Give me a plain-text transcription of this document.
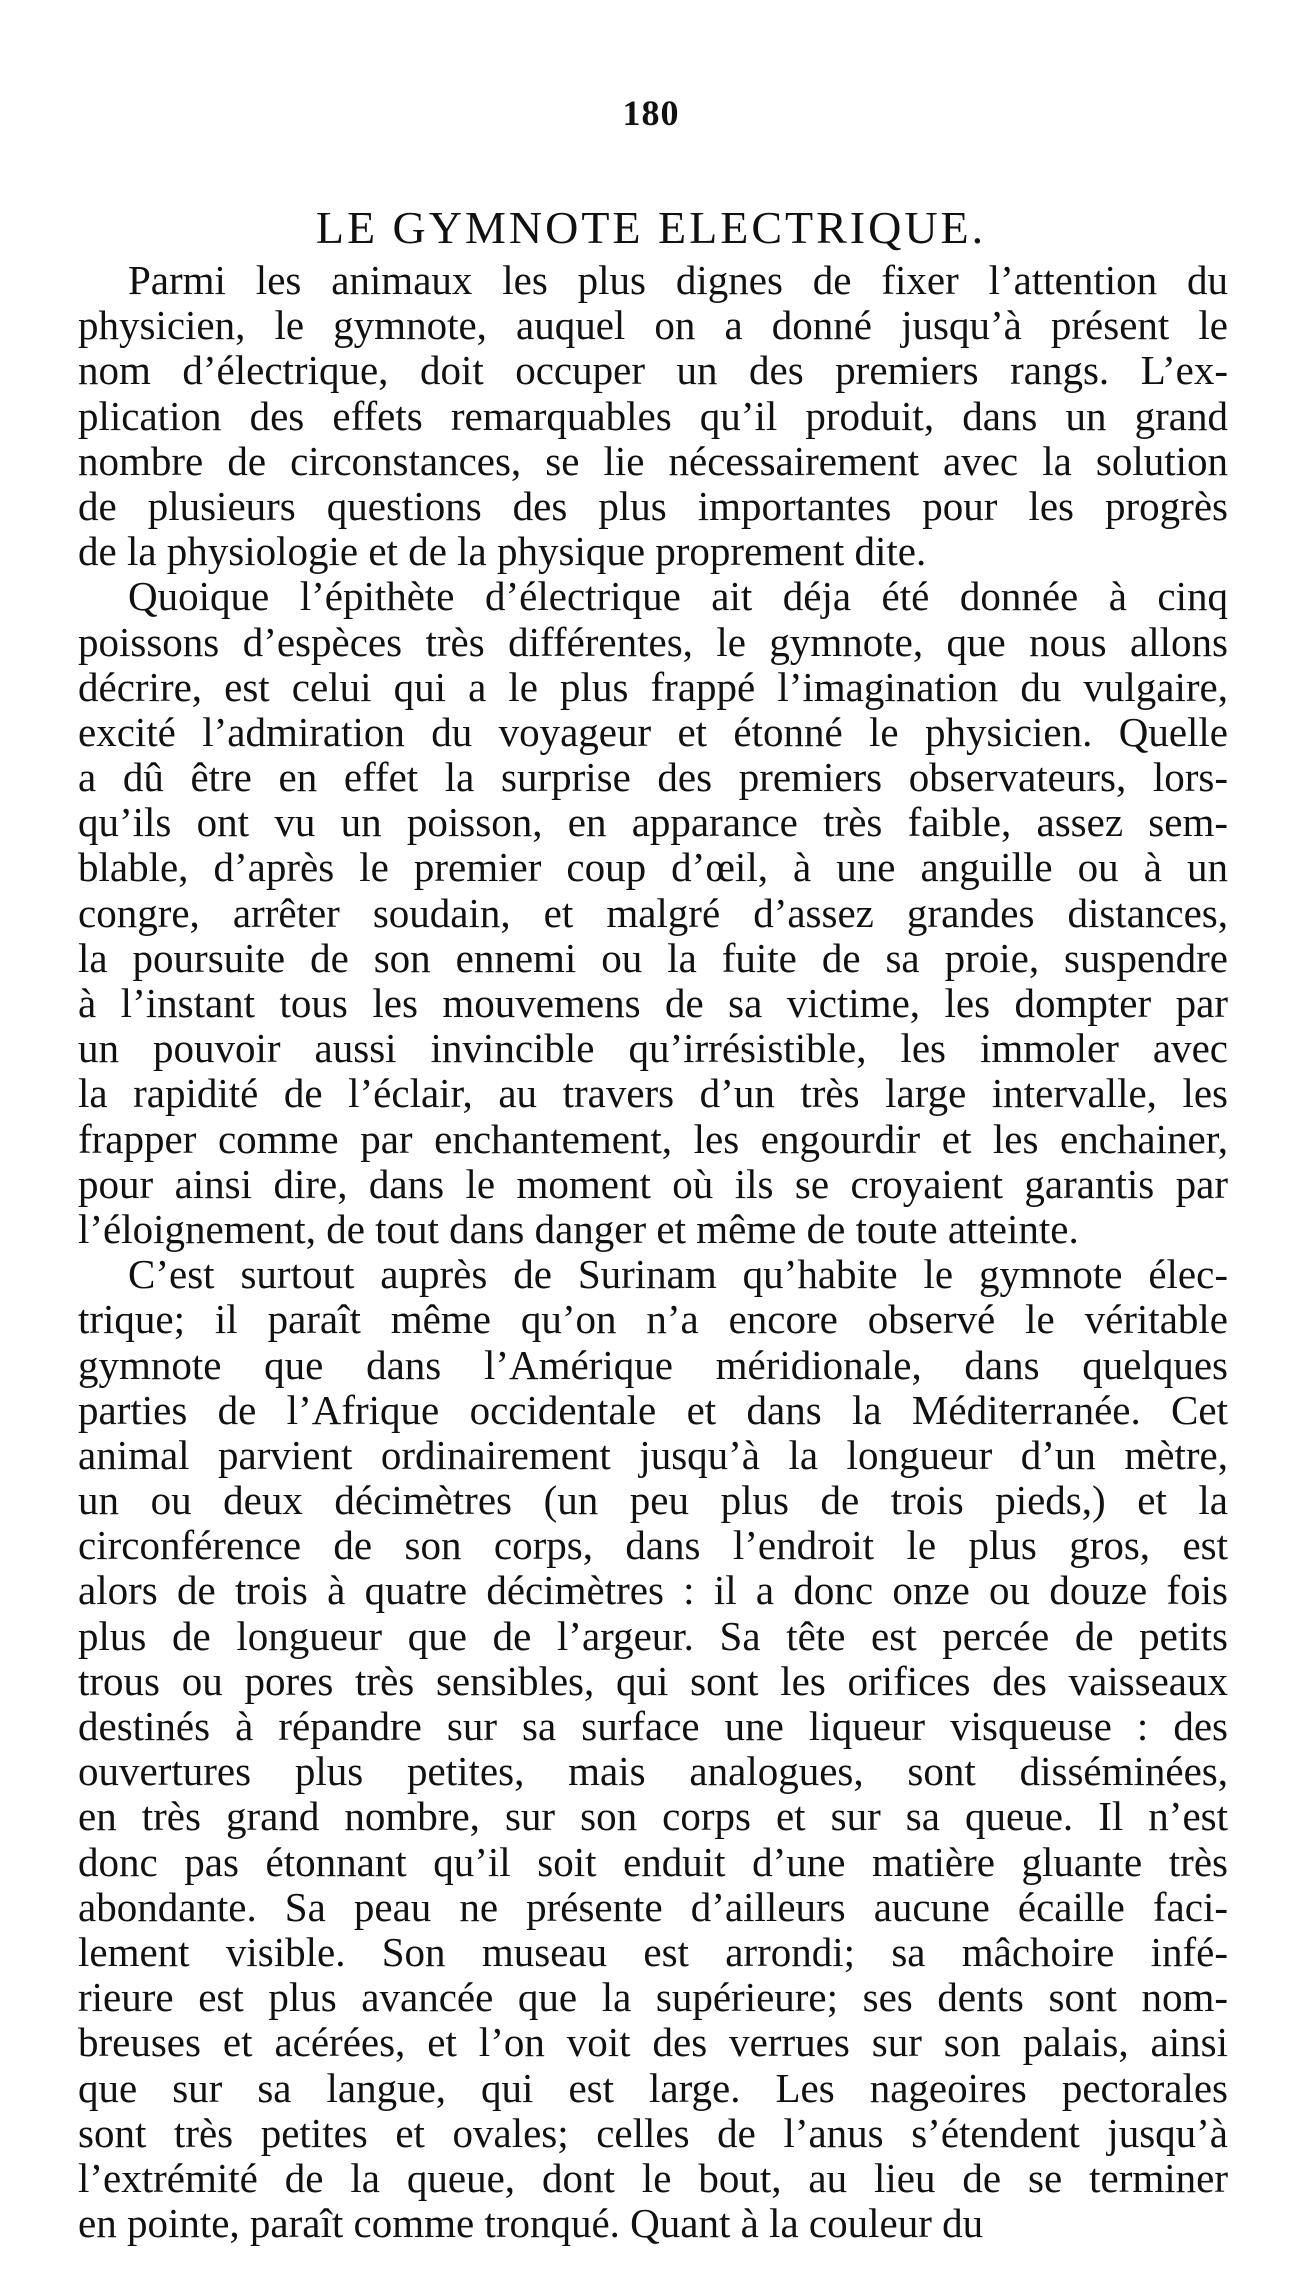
180
LE GYMNOTE ELECTRIQUE.
Parmi les animaux les plus dignes de fixer l’attention du
physicien, le gymnote, auquel on a donné jusqu’à présent le
nom d’électrique, doit occuper un des premiers rangs. L’ex-
plication des effets remarquables qu’il produit, dans un grand
nombre de circonstances, se lie nécessairement avec la solution
de plusieurs questions des plus importantes pour les progrès
de la physiologie et de la physique proprement dite.
Quoique l’épithète d’électrique ait déja été donnée à cinq
poissons d’espèces très différentes, le gymnote, que nous allons
décrire, est celui qui a le plus frappé l’imagination du vulgaire,
excité l’admiration du voyageur et étonné le physicien. Quelle
a dû être en effet la surprise des premiers observateurs, lors-
qu’ils ont vu un poisson, en apparance très faible, assez sem-
blable, d’après le premier coup d’œil, à une anguille ou à un
congre, arrêter soudain, et malgré d’assez grandes distances,
la poursuite de son ennemi ou la fuite de sa proie, suspendre
à l’instant tous les mouvemens de sa victime, les dompter par
un pouvoir aussi invincible qu’irrésistible, les immoler avec
la rapidité de l’éclair, au travers d’un très large intervalle, les
frapper comme par enchantement, les engourdir et les enchainer,
pour ainsi dire, dans le moment où ils se croyaient garantis par
l’éloignement, de tout dans danger et même de toute atteinte.
C’est surtout auprès de Surinam qu’habite le gymnote élec-
trique; il paraît même qu’on n’a encore observé le véritable
gymnote que dans l’Amérique méridionale, dans quelques
parties de l’Afrique occidentale et dans la Méditerranée. Cet
animal parvient ordinairement jusqu’à la longueur d’un mètre,
un ou deux décimètres (un peu plus de trois pieds,) et la
circonférence de son corps, dans l’endroit le plus gros, est
alors de trois à quatre décimètres : il a donc onze ou douze fois
plus de longueur que de l’argeur. Sa tête est percée de petits
trous ou pores très sensibles, qui sont les orifices des vaisseaux
destinés à répandre sur sa surface une liqueur visqueuse : des
ouvertures plus petites, mais analogues, sont disséminées,
en très grand nombre, sur son corps et sur sa queue. Il n’est
donc pas étonnant qu’il soit enduit d’une matière gluante très
abondante. Sa peau ne présente d’ailleurs aucune écaille faci-
lement visible. Son museau est arrondi; sa mâchoire infé-
rieure est plus avancée que la supérieure; ses dents sont nom-
breuses et acérées, et l’on voit des verrues sur son palais, ainsi
que sur sa langue, qui est large. Les nageoires pectorales
sont très petites et ovales; celles de l’anus s’étendent jusqu’à
l’extrémité de la queue, dont le bout, au lieu de se terminer
en pointe, paraît comme tronqué. Quant à la couleur du
